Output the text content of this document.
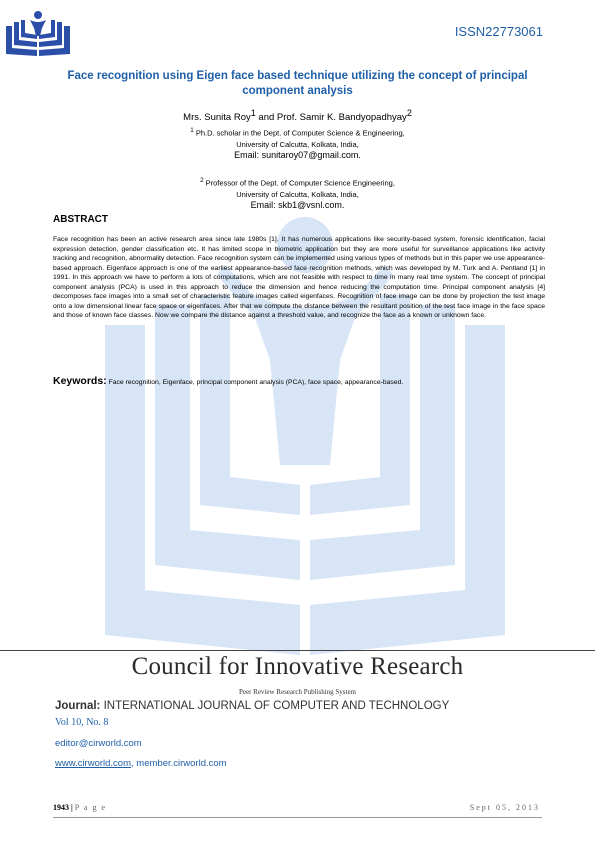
ISSN22773061
Face recognition using Eigen face based technique utilizing the concept of principal component analysis
Mrs. Sunita Roy$^1$ and Prof. Samir K. Bandyopadhyay$^2$
$^1$ Ph.D. scholar in the Dept. of Computer Science & Engineering,
University of Calcutta, Kolkata, India,
Email: sunitaroy07@gmail.com.
$^2$ Professor of the Dept. of Computer Science Engineering,
University of Calcutta, Kolkata, India,
Email: skb1@vsnl.com.
ABSTRACT
Face recognition has been an active research area since late 1980s [1]. It has numerous applications like security-based system, forensic identification, facial expression detection, gender classification etc. It has limited scope in biometric application but they are more useful for surveillance applications like activity tracking and recognition, abnormality detection. Face recognition system can be implemented using various types of methods but in this paper we use appearance-based approach. Eigenface approach is one of the earliest appearance-based face recognition methods, which was developed by M. Turk and A. Pentland [1] in 1991. In this approach we have to perform a lots of computations, which are not feasible with respect to time in many real time system. The concept of principal component analysis (PCA) is used in this approach to reduce the dimension and hence reducing the computation time. Principal component analysis [4] decomposes face images into a small set of characteristic feature images called eigenfaces. Recognition of face image can be done by projection the test image onto a low dimensional linear face space or eigenfaces. After that we compute the distance between the resultant position of the test face image in the face space and those of known face classes. Now we compare the distance against a threshold value, and recognize the face as a known or unknown face.
Keywords: Face recognition, Eigenface, principal component analysis (PCA), face space, appearance-based.
Council for Innovative Research
Peer Review Research Publishing System
Journal: INTERNATIONAL JOURNAL OF COMPUTER AND TECHNOLOGY
Vol 10, No. 8
editor@cirworld.com
www.cirworld.com, member.cirworld.com
1943 | P a g e	Sept 05, 2013
